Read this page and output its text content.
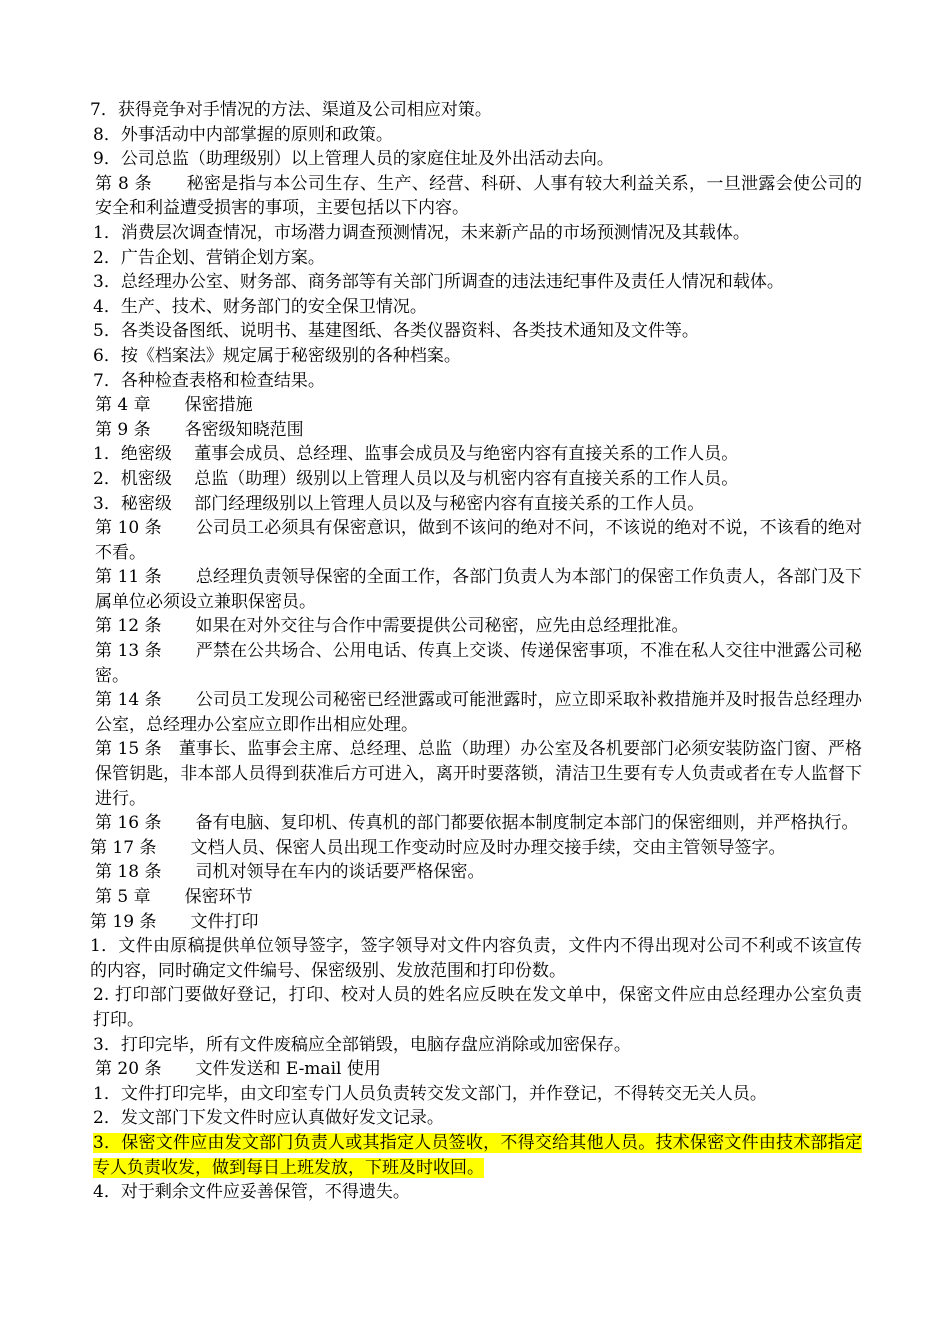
7．获得竞争对手情况的方法、渠道及公司相应对策。

8．外事活动中内部掌握的原则和政策。

9．公司总监（助理级别）以上管理人员的家庭住址及外出活动去向。

第 8 条　　秘密是指与本公司生存、生产、经营、科研、人事有较大利益关系，一旦泄露会使公司的安全和利益遭受损害的事项，主要包括以下内容。

1．消费层次调查情况，市场潜力调查预测情况，未来新产品的市场预测情况及其载体。

2．广告企划、营销企划方案。

3．总经理办公室、财务部、商务部等有关部门所调查的违法违纪事件及责任人情况和载体。

4．生产、技术、财务部门的安全保卫情况。

5．各类设备图纸、说明书、基建图纸、各类仪器资料、各类技术通知及文件等。

6．按《档案法》规定属于秘密级别的各种档案。

7．各种检查表格和检查结果。

第 4 章　　保密措施

第 9 条　　各密级知晓范围

1．绝密级　 董事会成员、总经理、监事会成员及与绝密内容有直接关系的工作人员。

2．机密级　 总监（助理）级别以上管理人员以及与机密内容有直接关系的工作人员。

3．秘密级　 部门经理级别以上管理人员以及与秘密内容有直接关系的工作人员。

第 10 条　　公司员工必须具有保密意识，做到不该问的绝对不问，不该说的绝对不说，不该看的绝对不看。

第 11 条　　总经理负责领导保密的全面工作，各部门负责人为本部门的保密工作负责人，各部门及下属单位必须设立兼职保密员。

第 12 条　　如果在对外交往与合作中需要提供公司秘密，应先由总经理批准。

第 13 条　　严禁在公共场合、公用电话、传真上交谈、传递保密事项，不准在私人交往中泄露公司秘密。

第 14 条　　公司员工发现公司秘密已经泄露或可能泄露时，应立即采取补救措施并及时报告总经理办公室，总经理办公室应立即作出相应处理。

第 15 条　董事长、监事会主席、总经理、总监（助理）办公室及各机要部门必须安装防盗门窗、严格保管钥匙，非本部人员得到获准后方可进入，离开时要落锁，清洁卫生要有专人负责或者在专人监督下进行。

第 16 条　　备有电脑、复印机、传真机的部门都要依据本制度制定本部门的保密细则，并严格执行。

第 17 条　　文档人员、保密人员出现工作变动时应及时办理交接手续，交由主管领导签字。

第 18 条　　司机对领导在车内的谈话要严格保密。

第 5 章　　保密环节

第 19 条　　文件打印

1．文件由原稿提供单位领导签字，签字领导对文件内容负责，文件内不得出现对公司不利或不该宣传的内容，同时确定文件编号、保密级别、发放范围和打印份数。

2. 打印部门要做好登记，打印、校对人员的姓名应反映在发文单中，保密文件应由总经理办公室负责打印。

3．打印完毕，所有文件废稿应全部销毁，电脑存盘应消除或加密保存。

第 20 条　　文件发送和 E-mail 使用

1．文件打印完毕，由文印室专门人员负责转交发文部门，并作登记，不得转交无关人员。

2．发文部门下发文件时应认真做好发文记录。

3．保密文件应由发文部门负责人或其指定人员签收，不得交给其他人员。技术保密文件由技术部指定专人负责收发，做到每日上班发放，下班及时收回。

4．对于剩余文件应妥善保管，不得遗失。
